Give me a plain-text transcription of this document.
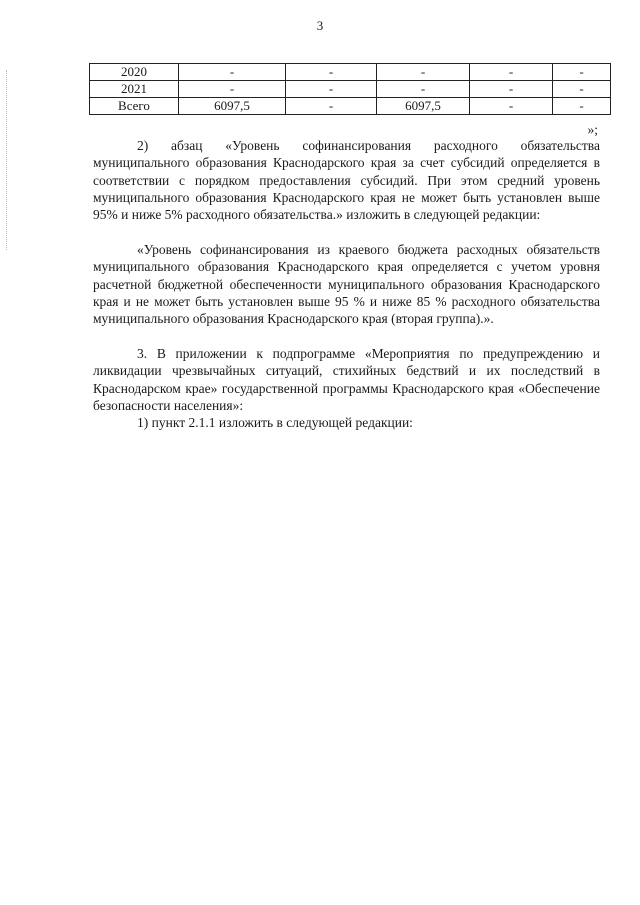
3
2020	-	-	-	-	-
2021	-	-	-	-	-
Всего	6097,5	-	6097,5	-	-
»;

2) абзац «Уровень софинансирования расходного обязательства муниципального образования Краснодарского края за счет субсидий определяется в соответствии с порядком предоставления субсидий. При этом средний уровень муниципального образования Краснодарского края не может быть установлен выше 95% и ниже 5% расходного обязательства.» изложить в следующей редакции:

«Уровень софинансирования из краевого бюджета расходных обязательств муниципального образования Краснодарского края определяется с учетом уровня расчетной бюджетной обеспеченности муниципального образования Краснодарского края и не может быть установлен выше 95 % и ниже 85 % расходного обязательства муниципального образования Краснодарского края (вторая группа).».

3. В приложении к подпрограмме «Мероприятия по предупреждению и ликвидации чрезвычайных ситуаций, стихийных бедствий и их последствий в Краснодарском крае» государственной программы Краснодарского края «Обеспечение безопасности населения»:

1) пункт 2.1.1 изложить в следующей редакции:
